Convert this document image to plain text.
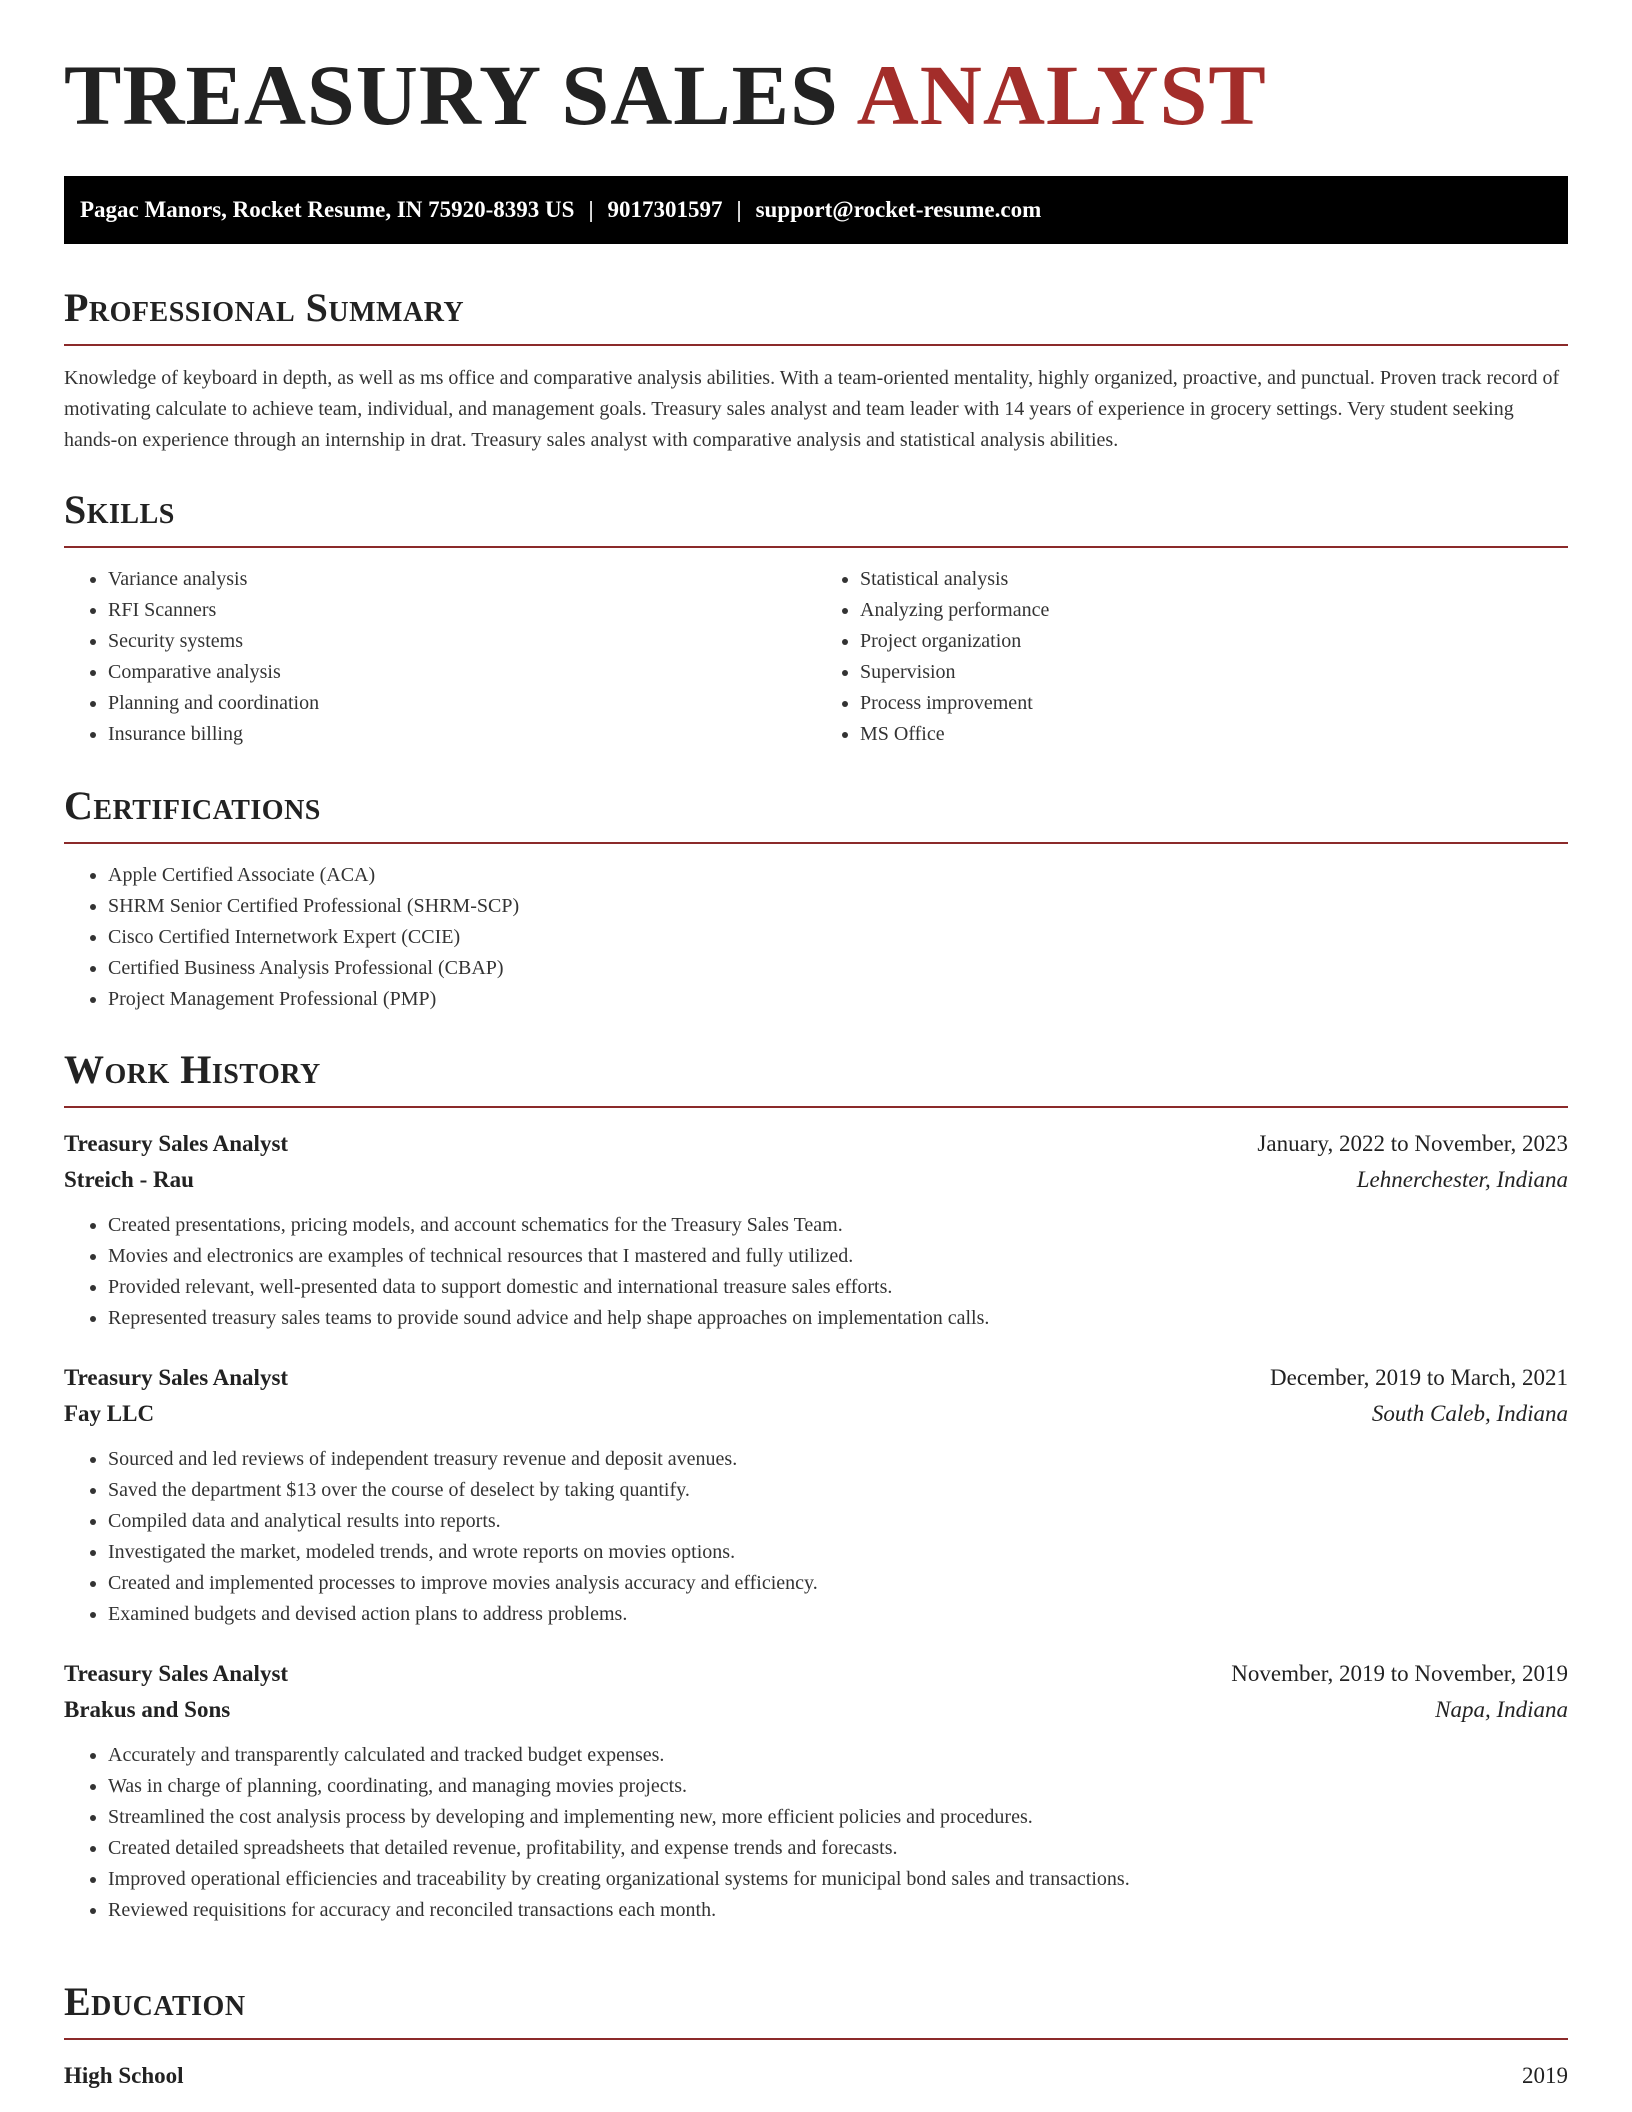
TREASURY SALES ANALYST
Pagac Manors, Rocket Resume, IN 75920-8393 US | 9017301597 | support@rocket-resume.com
Professional Summary
Knowledge of keyboard in depth, as well as ms office and comparative analysis abilities. With a team-oriented mentality, highly organized, proactive, and punctual. Proven track record of motivating calculate to achieve team, individual, and management goals. Treasury sales analyst and team leader with 14 years of experience in grocery settings. Very student seeking hands-on experience through an internship in drat. Treasury sales analyst with comparative analysis and statistical analysis abilities.
Skills
• Variance analysis
• RFI Scanners
• Security systems
• Comparative analysis
• Planning and coordination
• Insurance billing
• Statistical analysis
• Analyzing performance
• Project organization
• Supervision
• Process improvement
• MS Office
Certifications
• Apple Certified Associate (ACA)
• SHRM Senior Certified Professional (SHRM-SCP)
• Cisco Certified Internetwork Expert (CCIE)
• Certified Business Analysis Professional (CBAP)
• Project Management Professional (PMP)
Work History
Treasury Sales Analyst	January, 2022 to November, 2023
Streich - Rau	Lehnerchester, Indiana
• Created presentations, pricing models, and account schematics for the Treasury Sales Team.
• Movies and electronics are examples of technical resources that I mastered and fully utilized.
• Provided relevant, well-presented data to support domestic and international treasure sales efforts.
• Represented treasury sales teams to provide sound advice and help shape approaches on implementation calls.
Treasury Sales Analyst	December, 2019 to March, 2021
Fay LLC	South Caleb, Indiana
• Sourced and led reviews of independent treasury revenue and deposit avenues.
• Saved the department $13 over the course of deselect by taking quantify.
• Compiled data and analytical results into reports.
• Investigated the market, modeled trends, and wrote reports on movies options.
• Created and implemented processes to improve movies analysis accuracy and efficiency.
• Examined budgets and devised action plans to address problems.
Treasury Sales Analyst	November, 2019 to November, 2019
Brakus and Sons	Napa, Indiana
• Accurately and transparently calculated and tracked budget expenses.
• Was in charge of planning, coordinating, and managing movies projects.
• Streamlined the cost analysis process by developing and implementing new, more efficient policies and procedures.
• Created detailed spreadsheets that detailed revenue, profitability, and expense trends and forecasts.
• Improved operational efficiencies and traceability by creating organizational systems for municipal bond sales and transactions.
• Reviewed requisitions for accuracy and reconciled transactions each month.
Education
High School	2019
